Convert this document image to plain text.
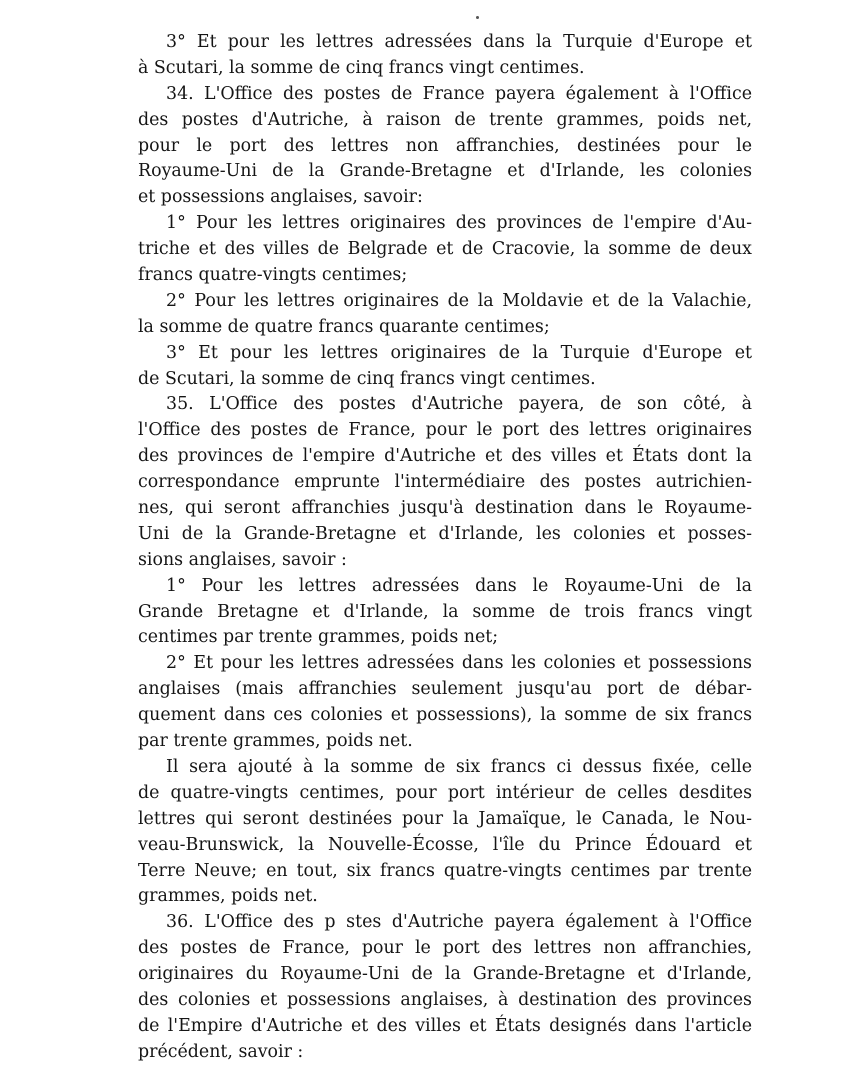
3° Et pour les lettres adressées dans la Turquie d'Europe et
à Scutari, la somme de cinq francs vingt centimes.
34. L'Office des postes de France payera également à l'Office
des postes d'Autriche, à raison de trente grammes, poids net,
pour le port des lettres non affranchies, destinées pour le
Royaume-Uni de la Grande-Bretagne et d'Irlande, les colonies
et possessions anglaises, savoir:
1° Pour les lettres originaires des provinces de l'empire d'Au-
triche et des villes de Belgrade et de Cracovie, la somme de deux
francs quatre-vingts centimes;
2° Pour les lettres originaires de la Moldavie et de la Valachie,
la somme de quatre francs quarante centimes;
3° Et pour les lettres originaires de la Turquie d'Europe et
de Scutari, la somme de cinq francs vingt centimes.
35. L'Office des postes d'Autriche payera, de son côté, à
l'Office des postes de France, pour le port des lettres originaires
des provinces de l'empire d'Autriche et des villes et États dont la
correspondance emprunte l'intermédiaire des postes autrichien-
nes, qui seront affranchies jusqu'à destination dans le Royaume-
Uni de la Grande-Bretagne et d'Irlande, les colonies et posses-
sions anglaises, savoir :
1° Pour les lettres adressées dans le Royaume-Uni de la
Grande Bretagne et d'Irlande, la somme de trois francs vingt
centimes par trente grammes, poids net;
2° Et pour les lettres adressées dans les colonies et possessions
anglaises (mais affranchies seulement jusqu'au port de débar-
quement dans ces colonies et possessions), la somme de six francs
par trente grammes, poids net.
Il sera ajouté à la somme de six francs ci dessus fixée, celle
de quatre-vingts centimes, pour port intérieur de celles desdites
lettres qui seront destinées pour la Jamaïque, le Canada, le Nou-
veau-Brunswick, la Nouvelle-Écosse, l'île du Prince Édouard et
Terre Neuve; en tout, six francs quatre-vingts centimes par trente
grammes, poids net.
36. L'Office des p stes d'Autriche payera également à l'Office
des postes de France, pour le port des lettres non affranchies,
originaires du Royaume-Uni de la Grande-Bretagne et d'Irlande,
des colonies et possessions anglaises, à destination des provinces
de l'Empire d'Autriche et des villes et États designés dans l'article
précédent, savoir :
